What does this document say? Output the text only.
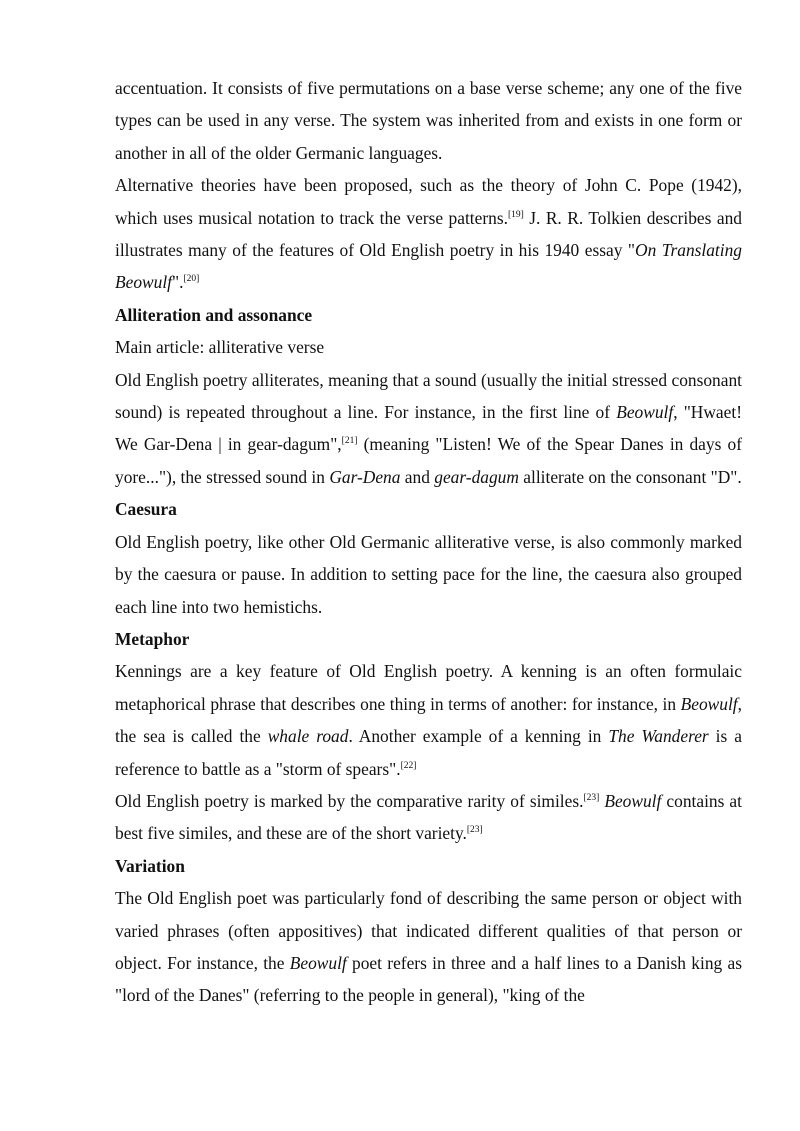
accentuation. It consists of five permutations on a base verse scheme; any one of the five types can be used in any verse. The system was inherited from and exists in one form or another in all of the older Germanic languages.

Alternative theories have been proposed, such as the theory of John C. Pope (1942), which uses musical notation to track the verse patterns.[19] J. R. R. Tolkien describes and illustrates many of the features of Old English poetry in his 1940 essay "On Translating Beowulf".[20]

Alliteration and assonance

Main article: alliterative verse

Old English poetry alliterates, meaning that a sound (usually the initial stressed consonant sound) is repeated throughout a line. For instance, in the first line of Beowulf, "Hwaet! We Gar-Dena | in gear-dagum",[21] (meaning "Listen! We of the Spear Danes in days of yore..."), the stressed sound in Gar-Dena and gear-dagum alliterate on the consonant "D".

Caesura

Old English poetry, like other Old Germanic alliterative verse, is also commonly marked by the caesura or pause. In addition to setting pace for the line, the caesura also grouped each line into two hemistichs.

Metaphor

Kennings are a key feature of Old English poetry. A kenning is an often formulaic metaphorical phrase that describes one thing in terms of another: for instance, in Beowulf, the sea is called the whale road. Another example of a kenning in The Wanderer is a reference to battle as a "storm of spears".[22]

Old English poetry is marked by the comparative rarity of similes.[23] Beowulf contains at best five similes, and these are of the short variety.[23]

Variation

The Old English poet was particularly fond of describing the same person or object with varied phrases (often appositives) that indicated different qualities of that person or object. For instance, the Beowulf poet refers in three and a half lines to a Danish king as "lord of the Danes" (referring to the people in general), "king of the
